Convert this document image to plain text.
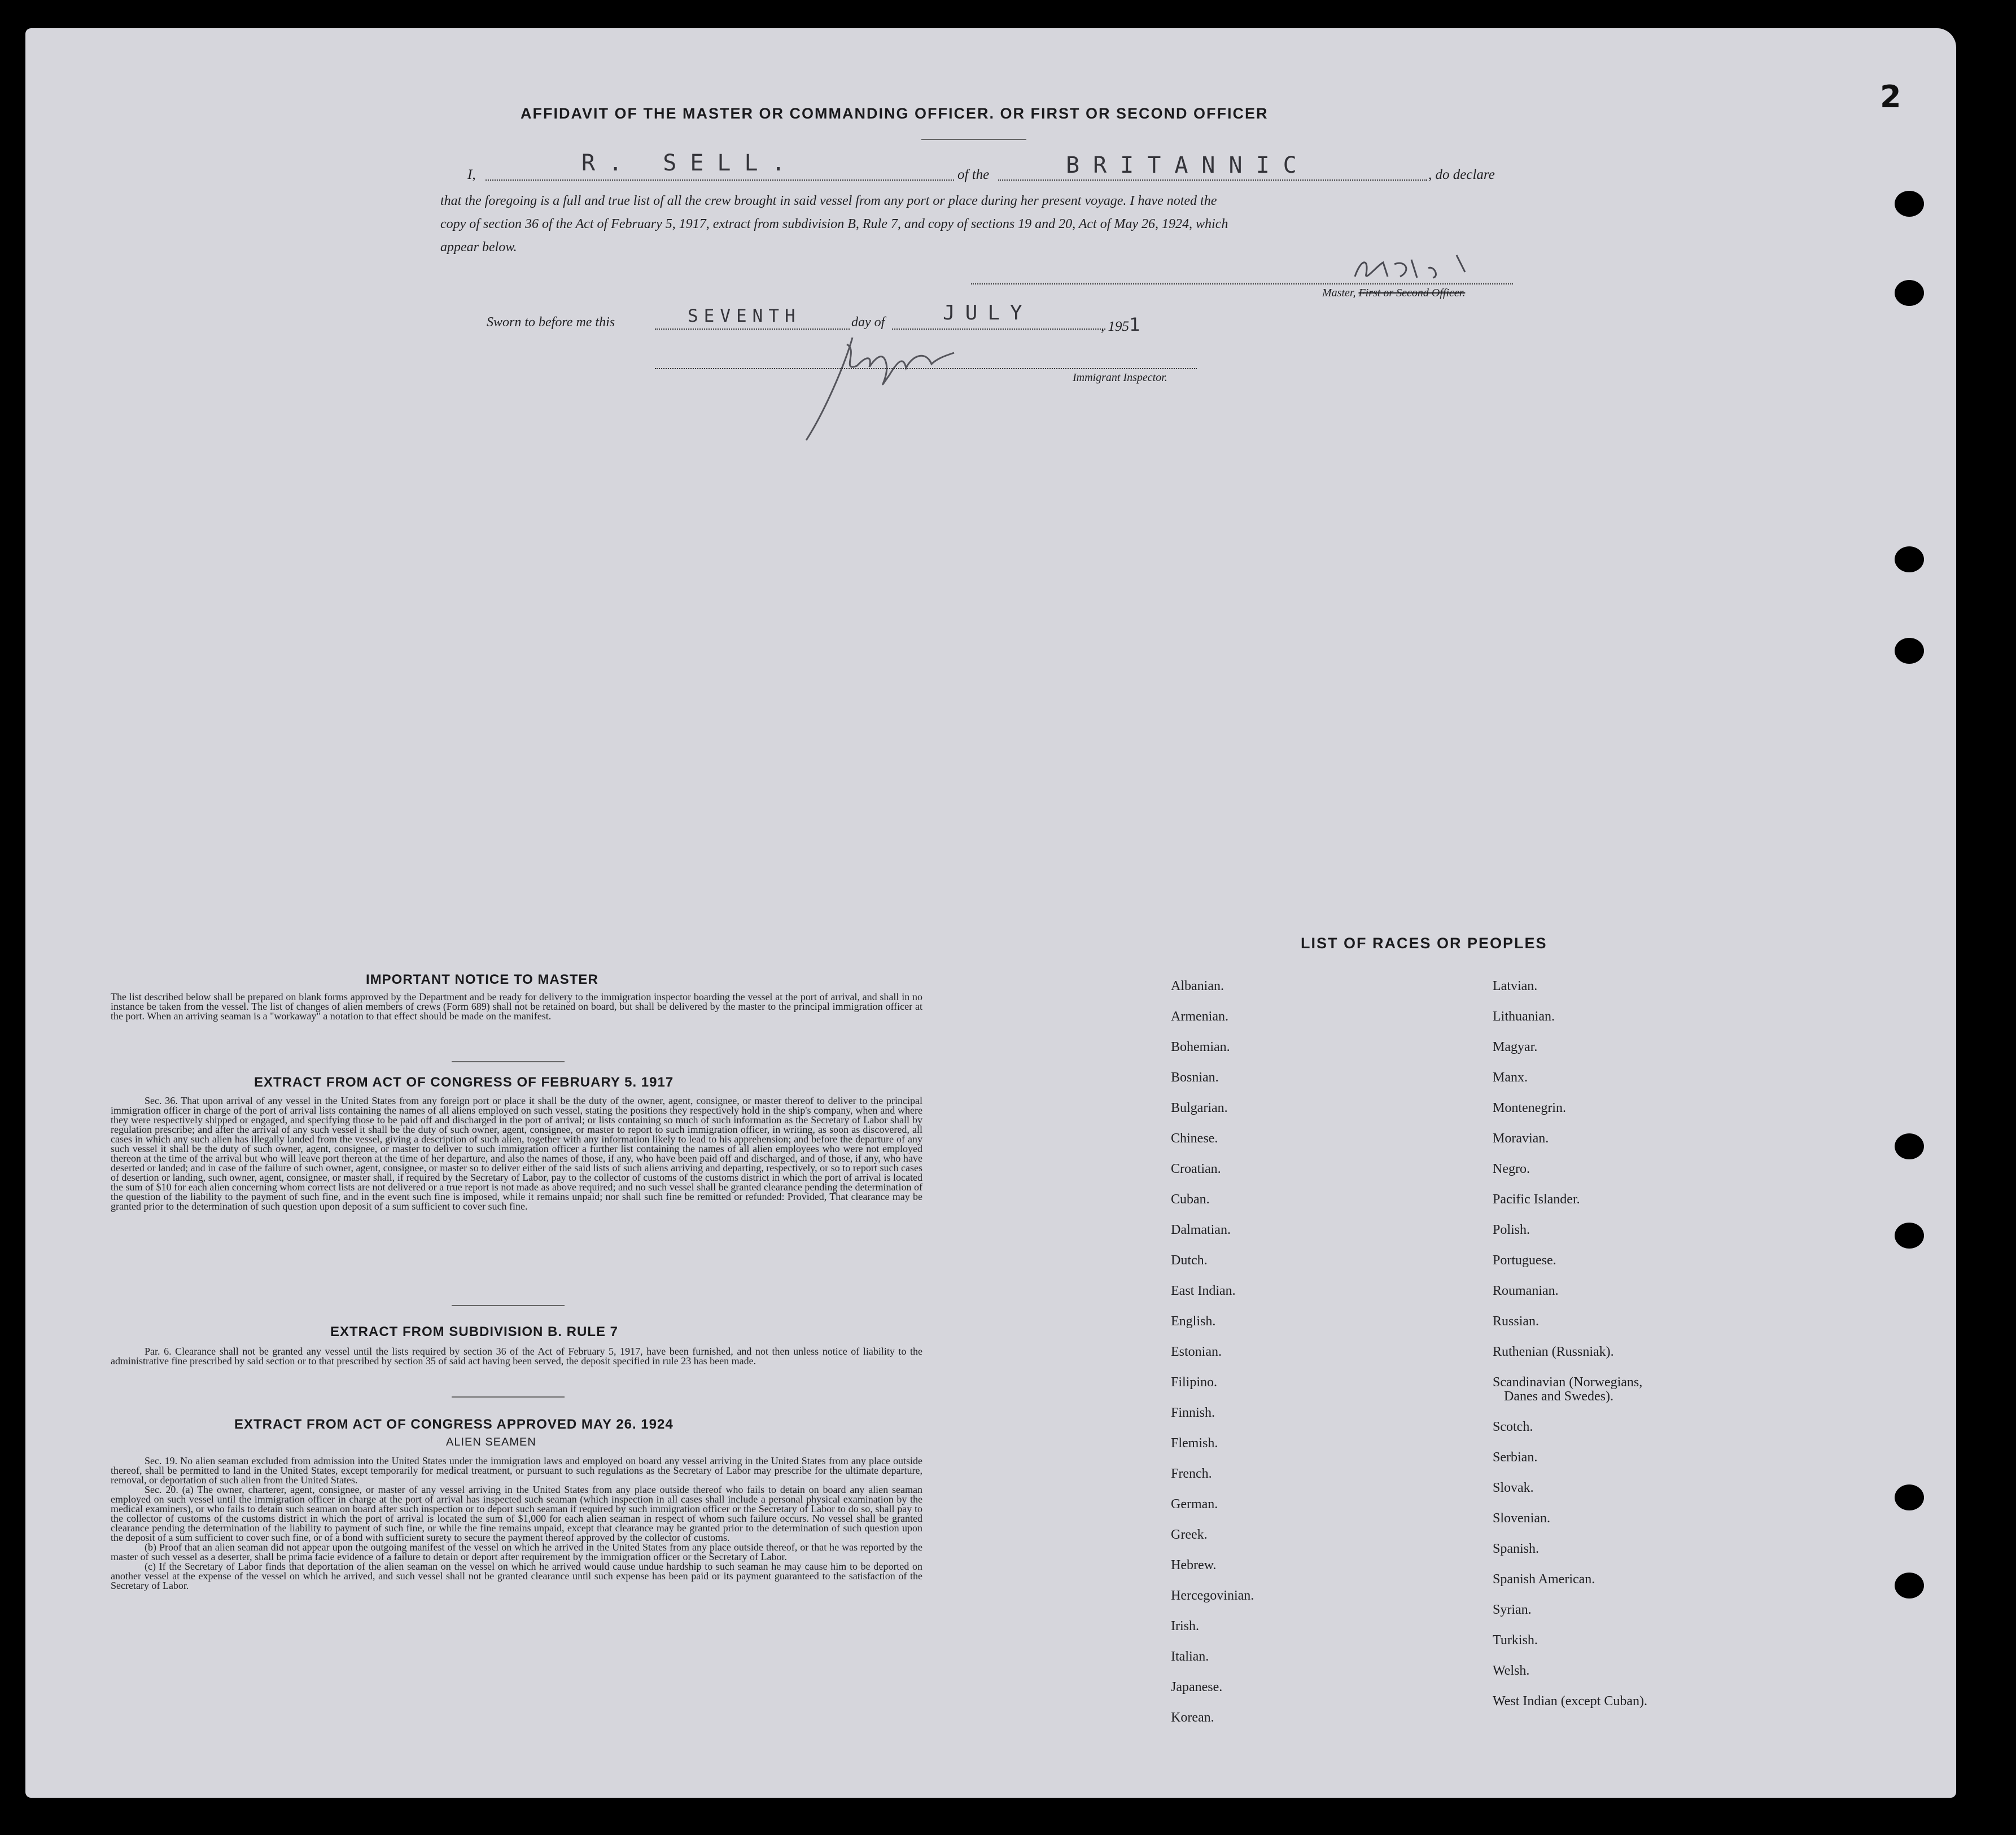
AFFIDAVIT OF THE MASTER OR COMMANDING OFFICER. OR FIRST OR SECOND OFFICER
I,	R. SELL.	of the	BRITANNIC	, do declare
that the foregoing is a full and true list of all the crew brought in said vessel from any port or place during her present voyage. I have noted the
copy of section 36 of the Act of February 5, 1917, extract from subdivision B, Rule 7, and copy of sections 19 and 20, Act of May 26, 1924, which
appear below.
Master, First or Second Officer.
Sworn to before me this	SEVENTH	day of	JULY
, 1951
Immigrant Inspector.
IMPORTANT NOTICE TO MASTER
The list described below shall be prepared on blank forms approved by the Department and be ready for delivery to the immigration inspector boarding the vessel at the port of arrival, and shall in no instance be taken from the vessel. The list of changes of alien members of crews (Form 689) shall not be retained on board, but shall be delivered by the master to the principal immigration officer at the port. When an arriving seaman is a "workaway" a notation to that effect should be made on the manifest.
EXTRACT FROM ACT OF CONGRESS OF FEBRUARY 5. 1917
Sec. 36. That upon arrival of any vessel in the United States from any foreign port or place it shall be the duty of the owner, agent, consignee, or master thereof to deliver to the principal immigration officer in charge of the port of arrival lists containing the names of all aliens employed on such vessel, stating the positions they respectively hold in the ship's company, when and where they were respectively shipped or engaged, and specifying those to be paid off and discharged in the port of arrival; or lists containing so much of such information as the Secretary of Labor shall by regulation prescribe; and after the arrival of any such vessel it shall be the duty of such owner, agent, consignee, or master to report to such immigration officer, in writing, as soon as discovered, all cases in which any such alien has illegally landed from the vessel, giving a description of such alien, together with any information likely to lead to his apprehension; and before the departure of any such vessel it shall be the duty of such owner, agent, consignee, or master to deliver to such immigration officer a further list containing the names of all alien employees who were not employed thereon at the time of the arrival but who will leave port thereon at the time of her departure, and also the names of those, if any, who have been paid off and discharged, and of those, if any, who have deserted or landed; and in case of the failure of such owner, agent, consignee, or master so to deliver either of the said lists of such aliens arriving and departing, respectively, or so to report such cases of desertion or landing, such owner, agent, consignee, or master shall, if required by the Secretary of Labor, pay to the collector of customs of the customs district in which the port of arrival is located the sum of $10 for each alien concerning whom correct lists are not delivered or a true report is not made as above required; and no such vessel shall be granted clearance pending the determination of the question of the liability to the payment of such fine, and in the event such fine is imposed, while it remains unpaid; nor shall such fine be remitted or refunded: Provided, That clearance may be granted prior to the determination of such question upon deposit of a sum sufficient to cover such fine.
EXTRACT FROM SUBDIVISION B. RULE 7
Par. 6. Clearance shall not be granted any vessel until the lists required by section 36 of the Act of February 5, 1917, have been furnished, and not then unless notice of liability to the administrative fine prescribed by said section or to that prescribed by section 35 of said act having been served, the deposit specified in rule 23 has been made.
EXTRACT FROM ACT OF CONGRESS APPROVED MAY 26. 1924
ALIEN SEAMEN
Sec. 19. No alien seaman excluded from admission into the United States under the immigration laws and employed on board any vessel arriving in the United States from any place outside thereof, shall be permitted to land in the United States, except temporarily for medical treatment, or pursuant to such regulations as the Secretary of Labor may prescribe for the ultimate departure, removal, or deportation of such alien from the United States.
Sec. 20. (a) The owner, charterer, agent, consignee, or master of any vessel arriving in the United States from any place outside thereof who fails to detain on board any alien seaman employed on such vessel until the immigration officer in charge at the port of arrival has inspected such seaman (which inspection in all cases shall include a personal physical examination by the medical examiners), or who fails to detain such seaman on board after such inspection or to deport such seaman if required by such immigration officer or the Secretary of Labor to do so, shall pay to the collector of customs of the customs district in which the port of arrival is located the sum of $1,000 for each alien seaman in respect of whom such failure occurs. No vessel shall be granted clearance pending the determination of the liability to payment of such fine, or while the fine remains unpaid, except that clearance may be granted prior to the determination of such question upon the deposit of a sum sufficient to cover such fine, or of a bond with sufficient surety to secure the payment thereof approved by the collector of customs.
(b) Proof that an alien seaman did not appear upon the outgoing manifest of the vessel on which he arrived in the United States from any place outside thereof, or that he was reported by the master of such vessel as a deserter, shall be prima facie evidence of a failure to detain or deport after requirement by the immigration officer or the Secretary of Labor.
(c) If the Secretary of Labor finds that deportation of the alien seaman on the vessel on which he arrived would cause undue hardship to such seaman he may cause him to be deported on another vessel at the expense of the vessel on which he arrived, and such vessel shall not be granted clearance until such expense has been paid or its payment guaranteed to the satisfaction of the Secretary of Labor.
LIST OF RACES OR PEOPLES
Albanian.
Armenian.
Bohemian.
Bosnian.
Bulgarian.
Chinese.
Croatian.
Cuban.
Dalmatian.
Dutch.
East Indian.
English.
Estonian.
Filipino.
Finnish.
Flemish.
French.
German.
Greek.
Hebrew.
Hercegovinian.
Irish.
Italian.
Japanese.
Korean.
Latvian.
Lithuanian.
Magyar.
Manx.
Montenegrin.
Moravian.
Negro.
Pacific Islander.
Polish.
Portuguese.
Roumanian.
Russian.
Ruthenian (Russniak).
Scandinavian (Norwegians,
Danes and Swedes).
Scotch.
Serbian.
Slovak.
Slovenian.
Spanish.
Spanish American.
Syrian.
Turkish.
Welsh.
West Indian (except Cuban).
2
